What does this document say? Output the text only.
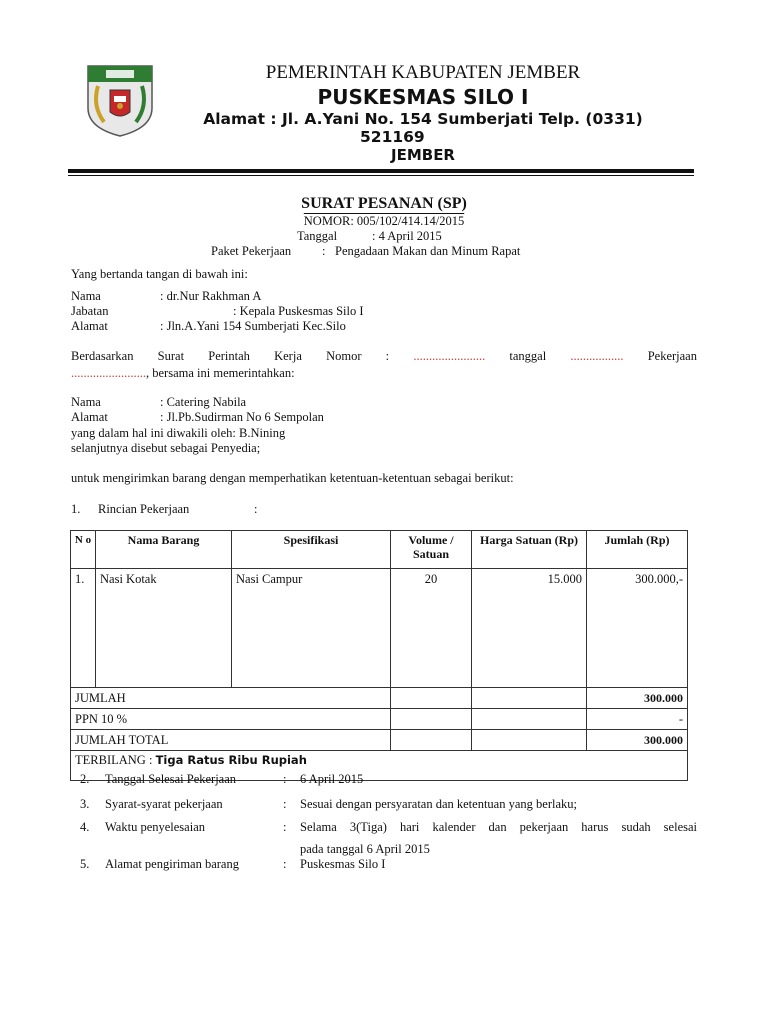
PEMERINTAH KABUPATEN JEMBER
PUSKESMAS SILO I
Alamat : Jl. A.Yani No. 154 Sumberjati Telp. (0331)
521169
JEMBER
SURAT PESANAN (SP)
NOMOR: 005/102/414.14/2015
Tanggal	: 4 April 2015
Paket Pekerjaan : Pengadaan Makan dan Minum Rapat
Yang bertanda tangan di bawah ini:
Nama	: dr.Nur Rakhman A
Jabatan	: Kepala Puskesmas Silo I
Alamat	: Jln.A.Yani 154 Sumberjati Kec.Silo
Berdasarkan Surat Perintah Kerja Nomor : ....................... tanggal ................. Pekerjaan
........................, bersama ini memerintahkan:
Nama	: Catering Nabila
Alamat	: Jl.Pb.Sudirman No 6 Sempolan
yang dalam hal ini diwakili oleh: B.Nining
selanjutnya disebut sebagai Penyedia;
untuk mengirimkan barang dengan memperhatikan ketentuan-ketentuan sebagai berikut:
1. Rincian Pekerjaan	:
N o	Nama Barang	Spesifikasi	Volume / Satuan	Harga Satuan (Rp)	Jumlah (Rp)
1.	Nasi Kotak	Nasi Campur	20	15.000	300.000,-
JUMLAH					300.000
PPN 10 %					-
JUMLAH TOTAL					300.000
TERBILANG : Tiga Ratus Ribu Rupiah					
2. Tanggal Selesai Pekerjaan	: 6 April 2015
3. Syarat-syarat pekerjaan	: Sesuai dengan persyaratan dan ketentuan yang berlaku;
4. Waktu penyelesaian	: Selama 3(Tiga) hari kalender dan pekerjaan harus sudah selesai
pada tanggal 6 April 2015
5. Alamat pengiriman barang	: Puskesmas Silo I
